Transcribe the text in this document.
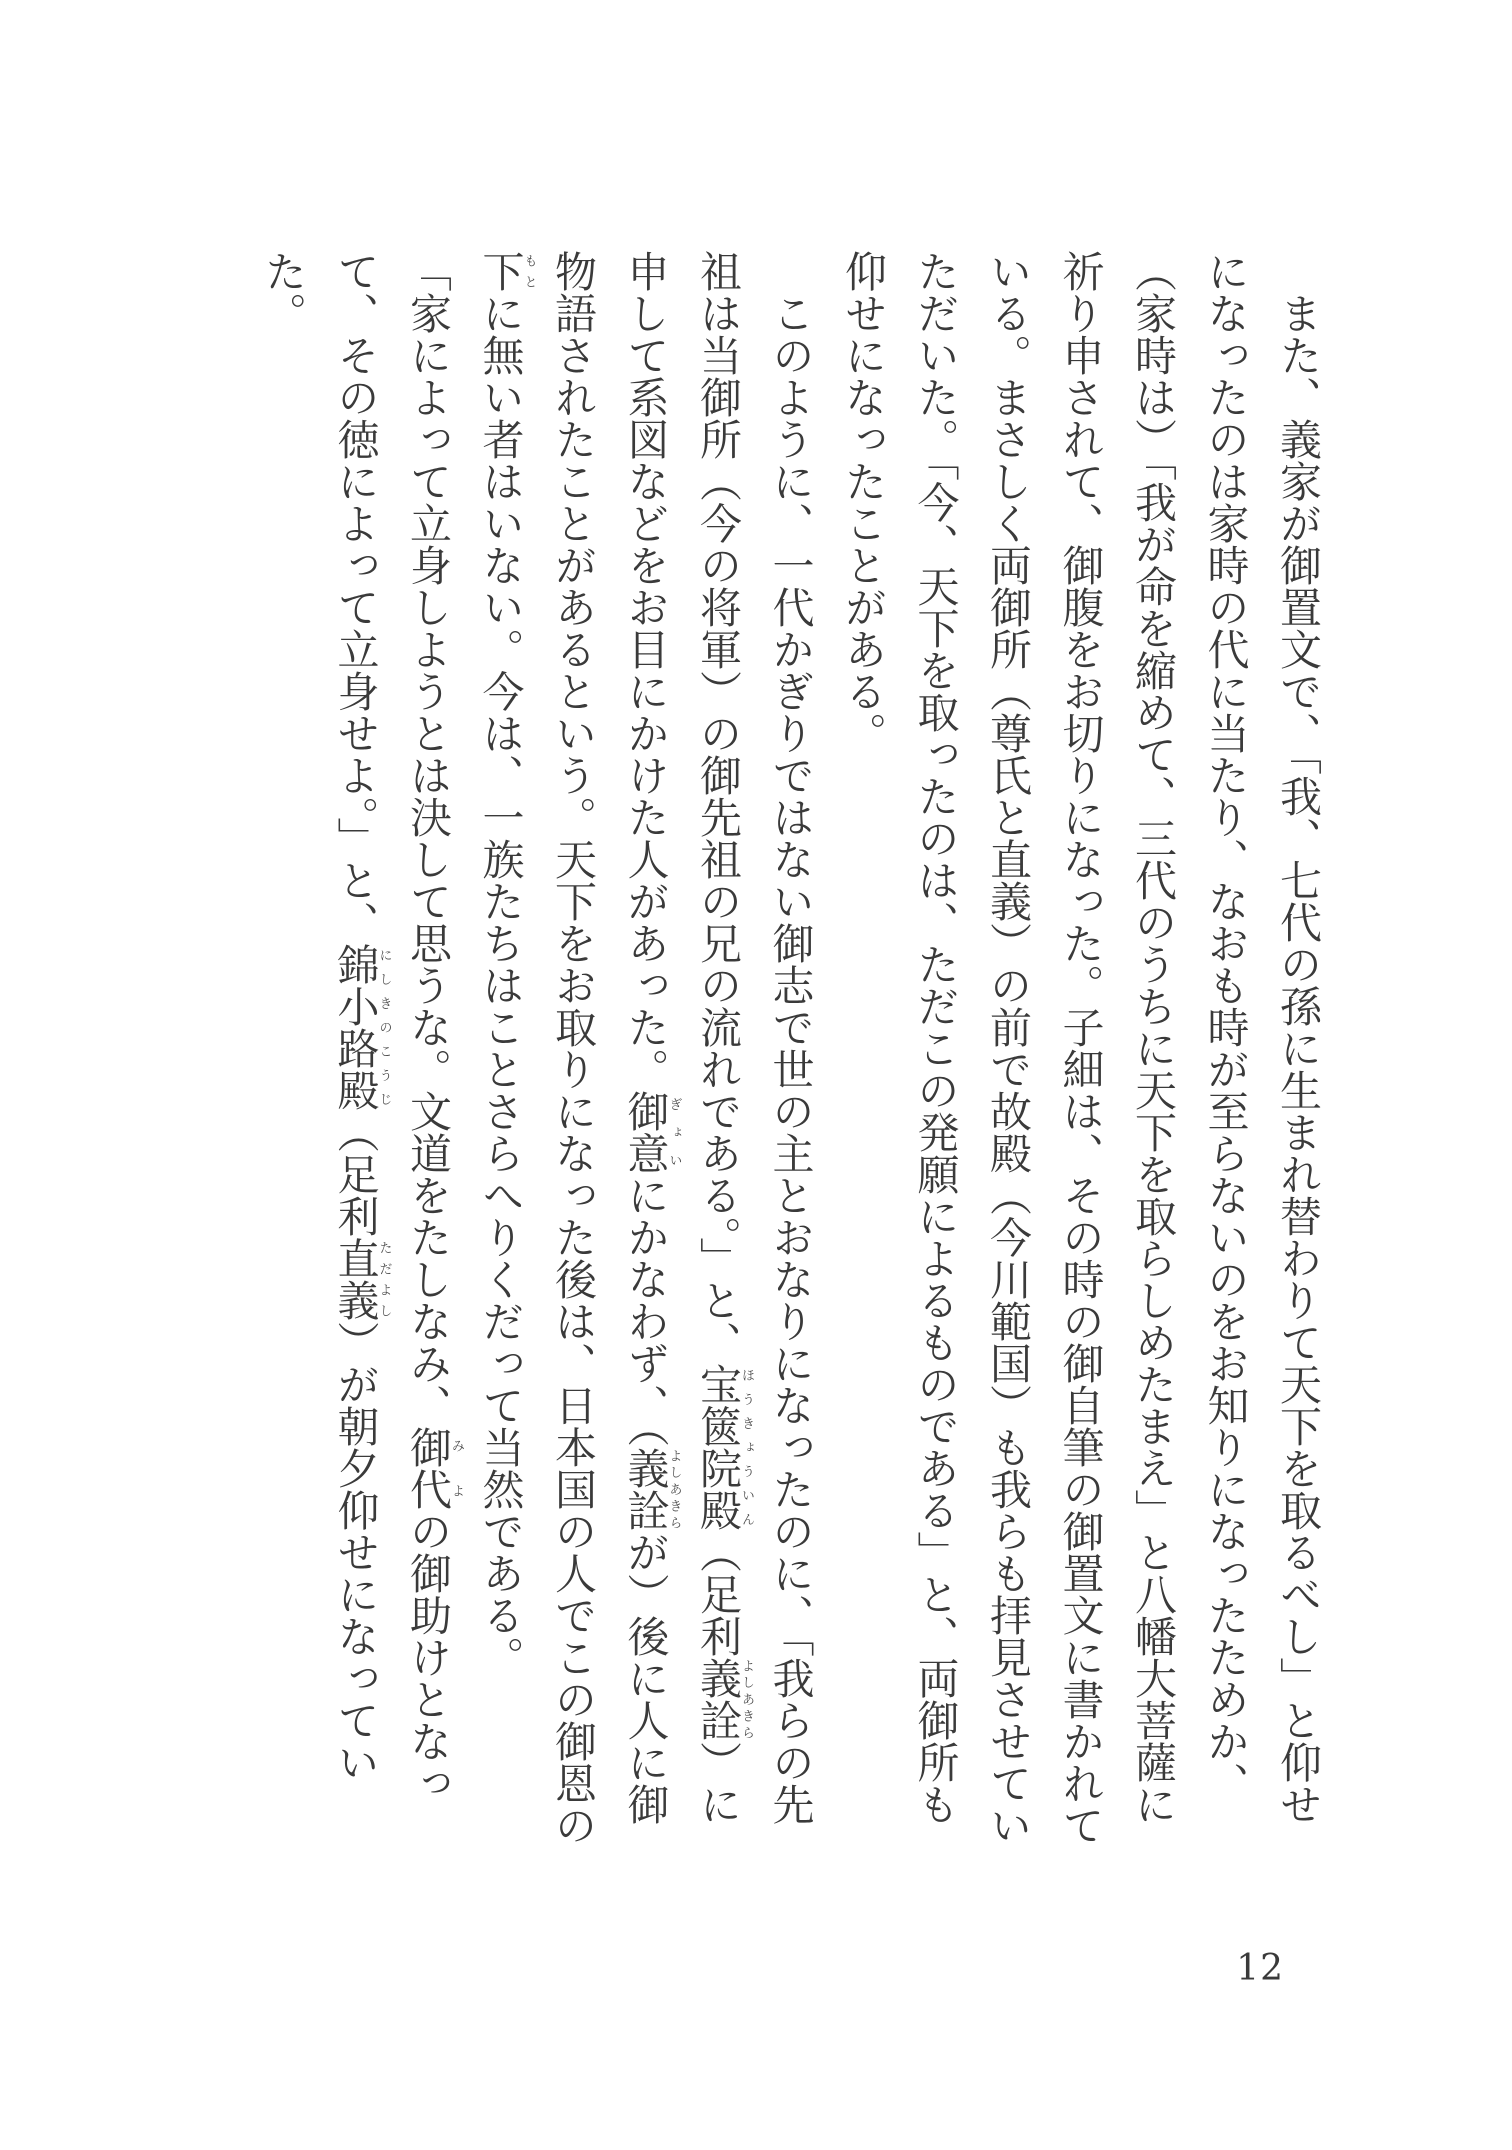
また、義家が御置文で、「我、七代の孫に生まれ替わりて天下を取るべし」と仰せになったのは家時の代に当たり、なおも時が至らないのをお知りになったためか、（家時は）「我が命を縮めて、三代のうちに天下を取らしめたまえ」と八幡大菩薩に祈り申されて、御腹をお切りになった。子細は、その時の御自筆の御置文に書かれている。まさしく両御所（尊氏と直義）の前で故殿（今川範国）も我らも拝見させていただいた。「今、天下を取ったのは、ただこの発願によるものである」と、両御所も仰せになったことがある。

このように、一代かぎりではない御志で世の主とおなりになったのに、「我らの先祖は当御所（今の将軍）の御先祖の兄の流れである。」と、宝篋院殿ほうきょういん（足利義詮よしあきら）に申して系図などをお目にかけた人があった。御意ぎょいにかなわず、（義詮よしあきらが）後に人に御物語されたことがあるという。天下をお取りになった後は、日本国の人でこの御恩の下もとに無い者はいない。今は、一族たちはことさらへりくだって当然である。

「家によって立身しようとは決して思うな。文道をたしなみ、御代みよの御助けとなって、その徳によって立身せよ。」と、錦小路殿にしきのこうじ（足利直義ただよし）が朝夕仰せになっていた。

12
